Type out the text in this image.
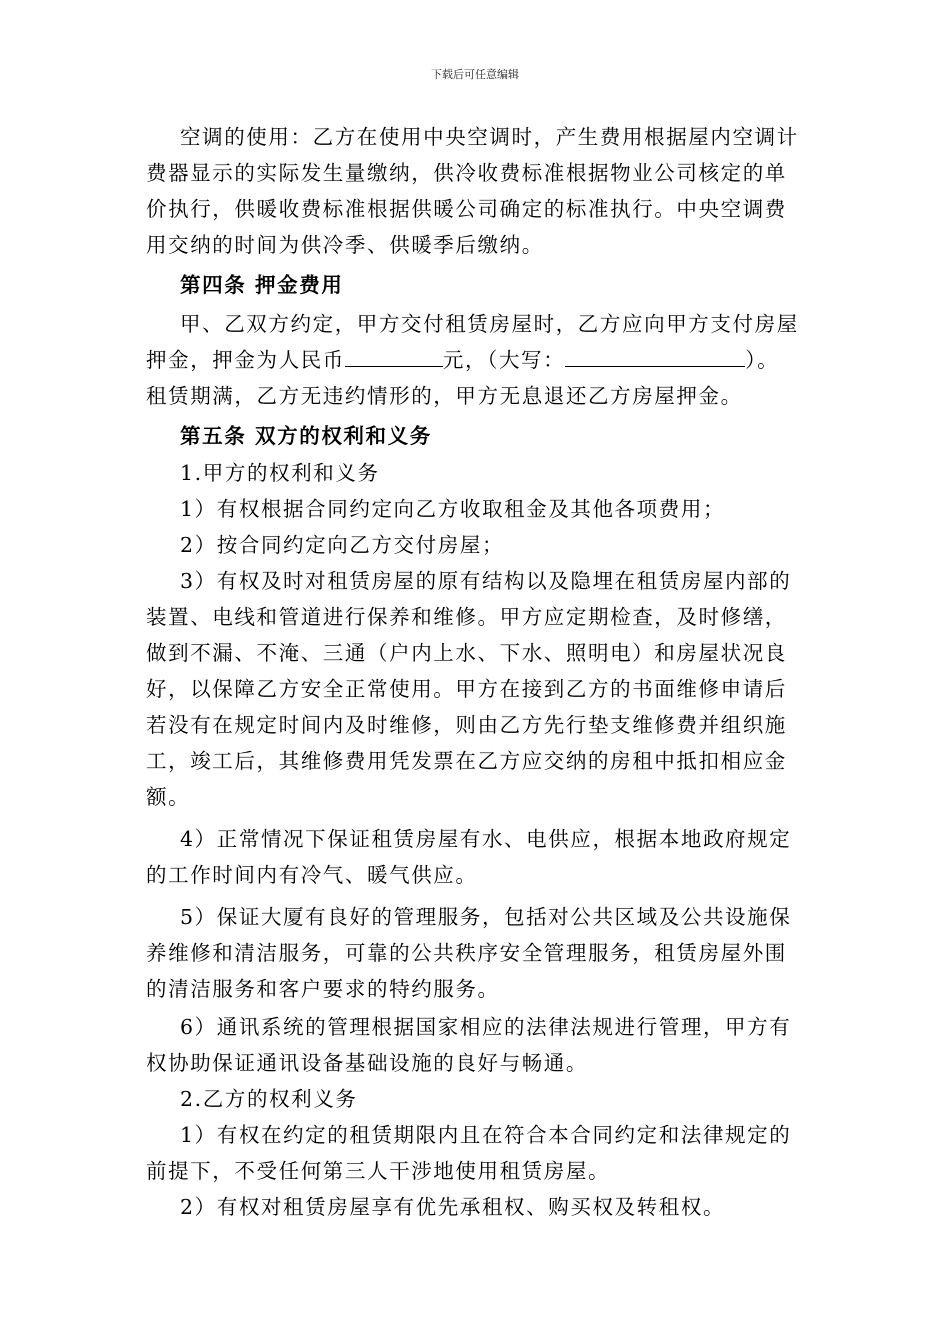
下载后可任意编辑
空调的使用：乙方在使用中央空调时，产生费用根据屋内空调计
费器显示的实际发生量缴纳，供冷收费标准根据物业公司核定的单
价执行，供暖收费标准根据供暖公司确定的标准执行。中央空调费
用交纳的时间为供冷季、供暖季后缴纳。
第四条 押金费用
甲、乙双方约定，甲方交付租赁房屋时，乙方应向甲方支付房屋
押金，押金为人民币	元，（大写：	）。
租赁期满，乙方无违约情形的，甲方无息退还乙方房屋押金。
第五条 双方的权利和义务
1.甲方的权利和义务
1）有权根据合同约定向乙方收取租金及其他各项费用；
2）按合同约定向乙方交付房屋；
3）有权及时对租赁房屋的原有结构以及隐埋在租赁房屋内部的
装置、电线和管道进行保养和维修。甲方应定期检查，及时修缮，
做到不漏、不淹、三通（户内上水、下水、照明电）和房屋状况良
好，以保障乙方安全正常使用。甲方在接到乙方的书面维修申请后
若没有在规定时间内及时维修，则由乙方先行垫支维修费并组织施
工，竣工后，其维修费用凭发票在乙方应交纳的房租中抵扣相应金
额。
4）正常情况下保证租赁房屋有水、电供应，根据本地政府规定
的工作时间内有冷气、暖气供应。
5）保证大厦有良好的管理服务，包括对公共区域及公共设施保
养维修和清洁服务，可靠的公共秩序安全管理服务，租赁房屋外围
的清洁服务和客户要求的特约服务。
6）通讯系统的管理根据国家相应的法律法规进行管理，甲方有
权协助保证通讯设备基础设施的良好与畅通。
2.乙方的权利义务
1）有权在约定的租赁期限内且在符合本合同约定和法律规定的
前提下，不受任何第三人干涉地使用租赁房屋。
2）有权对租赁房屋享有优先承租权、购买权及转租权。
